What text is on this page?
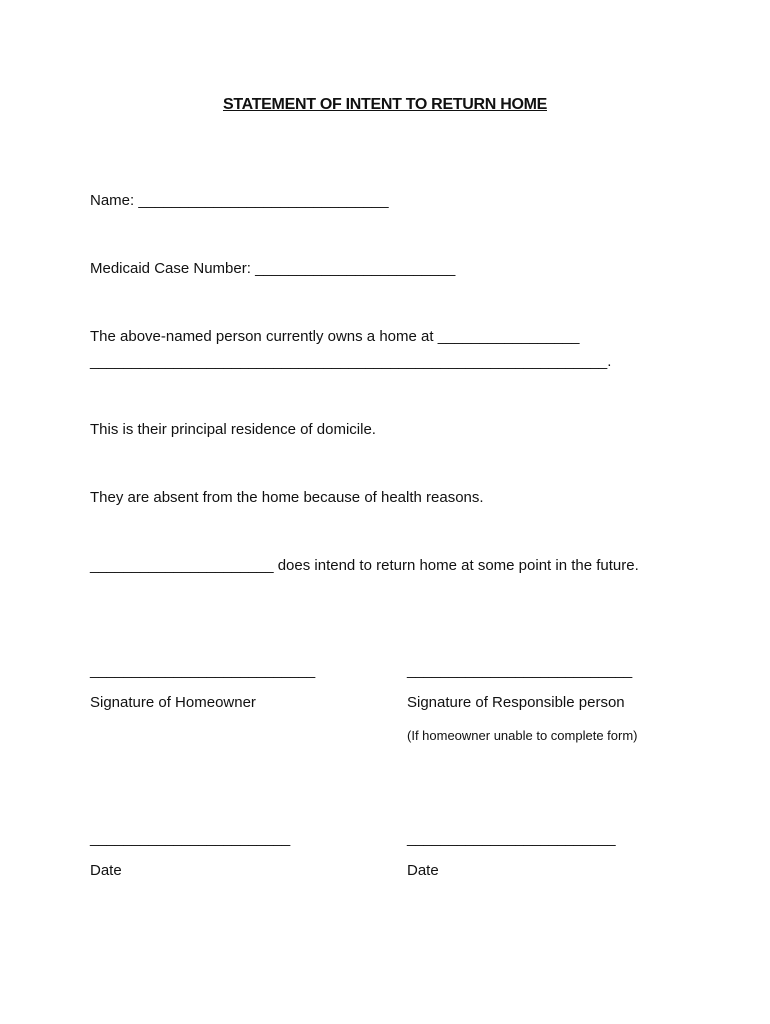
STATEMENT OF INTENT TO RETURN HOME
Name: ______________________________
Medicaid Case Number: ________________________
The above-named person currently owns a home at _________________
______________________________________________________________.
This is their principal residence of domicile.
They are absent from the home because of health reasons.
______________________ does intend to return home at some point in the future.
___________________________	___________________________
Signature of Homeowner	Signature of Responsible person
(If homeowner unable to complete form)
________________________	_________________________
Date	Date
